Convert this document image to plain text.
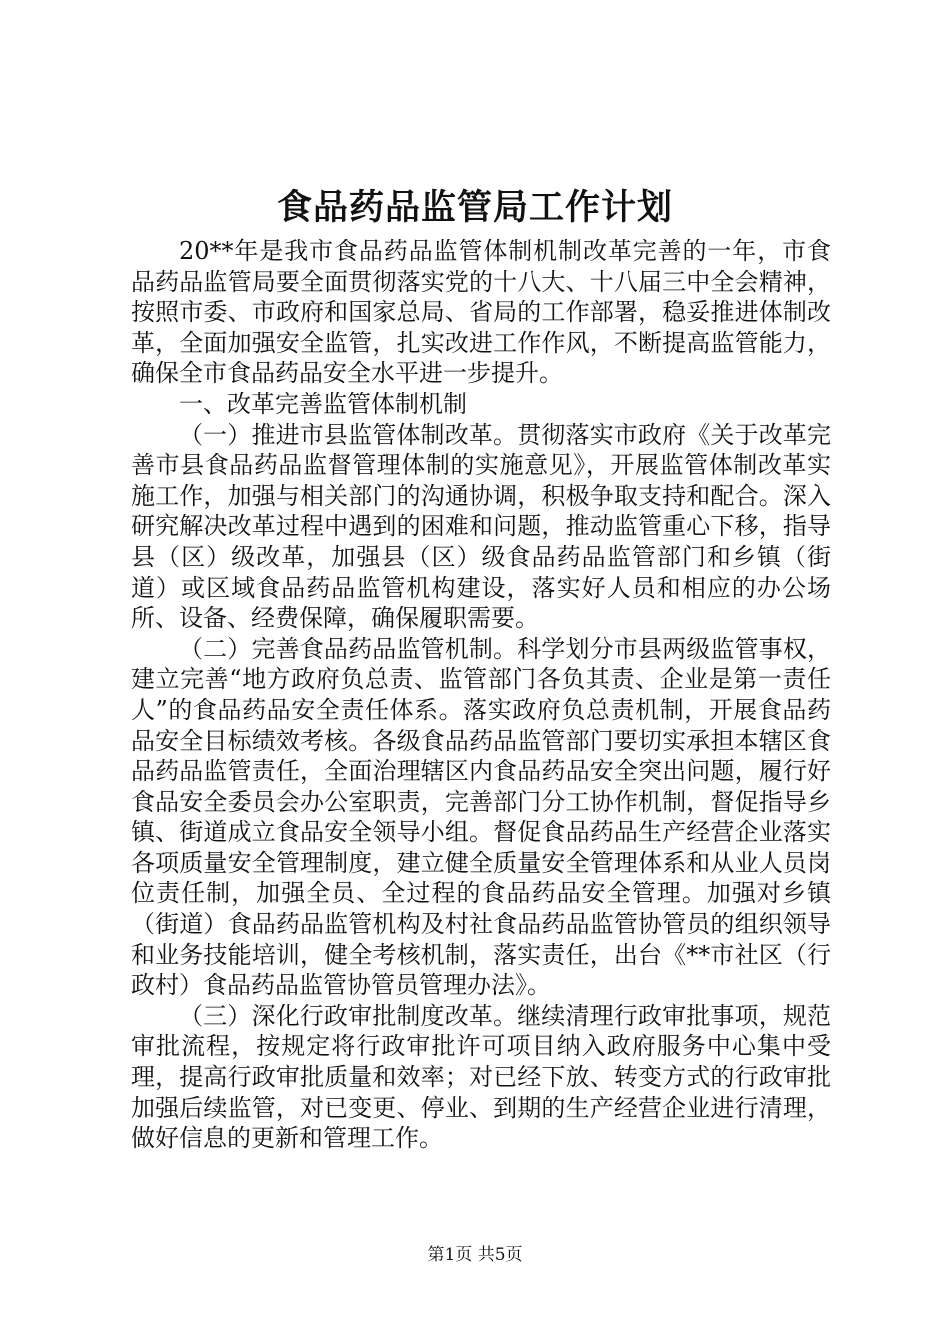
食品药品监管局工作计划

20**年是我市食品药品监管体制机制改革完善的一年，市食品药品监管局要全面贯彻落实党的十八大、十八届三中全会精神，按照市委、市政府和国家总局、省局的工作部署，稳妥推进体制改革，全面加强安全监管，扎实改进工作作风，不断提高监管能力，确保全市食品药品安全水平进一步提升。

一、改革完善监管体制机制

（一）推进市县监管体制改革。贯彻落实市政府《关于改革完善市县食品药品监督管理体制的实施意见》，开展监管体制改革实施工作，加强与相关部门的沟通协调，积极争取支持和配合。深入研究解决改革过程中遇到的困难和问题，推动监管重心下移，指导县（区）级改革，加强县（区）级食品药品监管部门和乡镇（街道）或区域食品药品监管机构建设，落实好人员和相应的办公场所、设备、经费保障，确保履职需要。

（二）完善食品药品监管机制。科学划分市县两级监管事权，建立完善“地方政府负总责、监管部门各负其责、企业是第一责任人”的食品药品安全责任体系。落实政府负总责机制，开展食品药品安全目标绩效考核。各级食品药品监管部门要切实承担本辖区食品药品监管责任，全面治理辖区内食品药品安全突出问题，履行好食品安全委员会办公室职责，完善部门分工协作机制，督促指导乡镇、街道成立食品安全领导小组。督促食品药品生产经营企业落实各项质量安全管理制度，建立健全质量安全管理体系和从业人员岗位责任制，加强全员、全过程的食品药品安全管理。加强对乡镇（街道）食品药品监管机构及村社食品药品监管协管员的组织领导和业务技能培训，健全考核机制，落实责任，出台《**市社区（行政村）食品药品监管协管员管理办法》。

（三）深化行政审批制度改革。继续清理行政审批事项，规范审批流程，按规定将行政审批许可项目纳入政府服务中心集中受理，提高行政审批质量和效率；对已经下放、转变方式的行政审批加强后续监管，对已变更、停业、到期的生产经营企业进行清理，做好信息的更新和管理工作。

第1页 共5页
